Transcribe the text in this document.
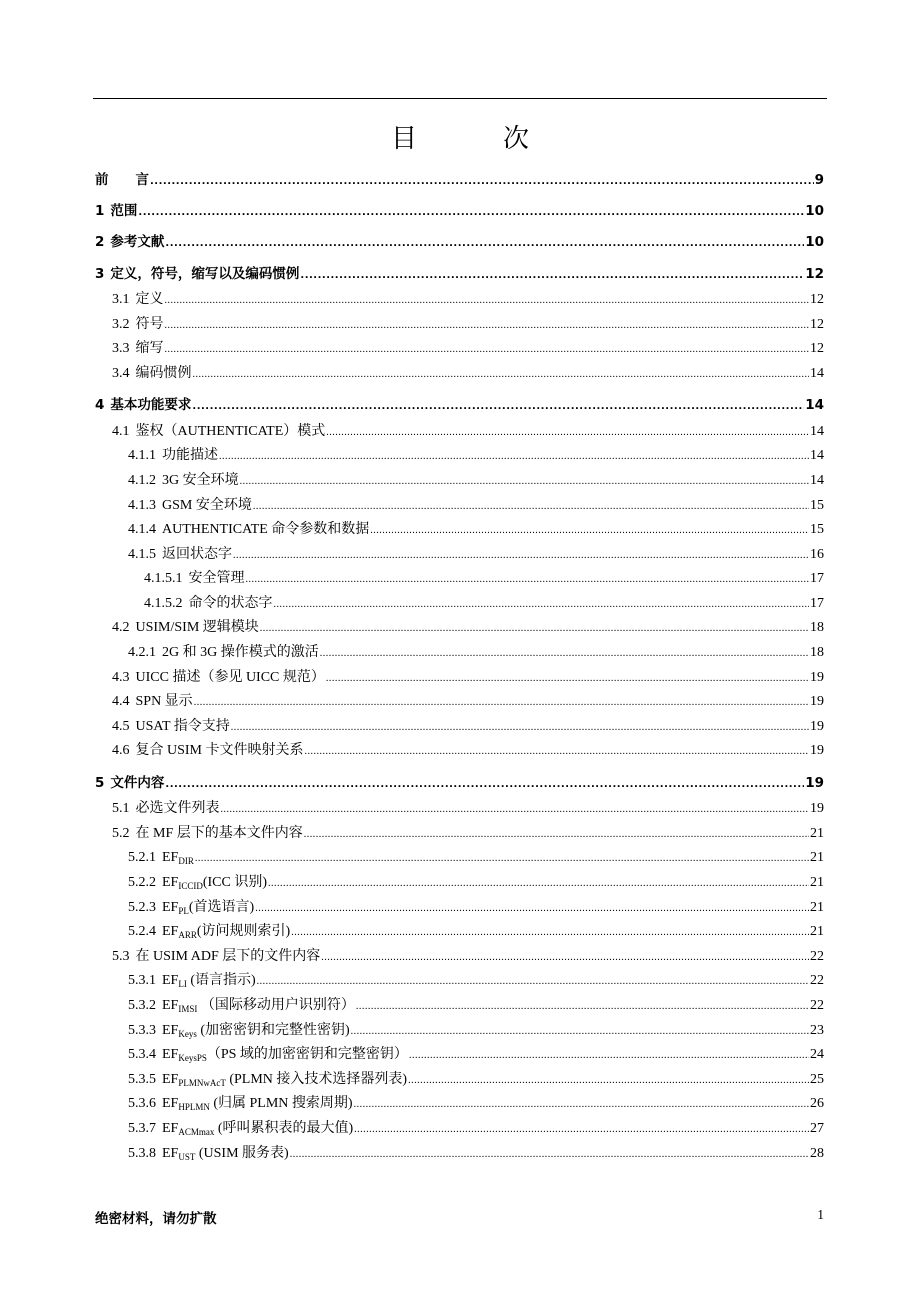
目　次
前　　言 .....	9
1 范围 .....	10
2 参考文献 .....	10
3 定义，符号，缩写以及编码惯例 .....	12
3.1 定义 .....	12
3.2 符号 .....	12
3.3 缩写 .....	12
3.4 编码惯例 .....	14
4 基本功能要求 .....	14
4.1 鉴权（AUTHENTICATE）模式 .....	14
4.1.1 功能描述 .....	14
4.1.2 3G 安全环境 .....	14
4.1.3 GSM 安全环境 .....	15
4.1.4 AUTHENTICATE 命令参数和数据 .....	15
4.1.5 返回状态字 .....	16
4.1.5.1 安全管理 .....	17
4.1.5.2 命令的状态字 .....	17
4.2 USIM/SIM 逻辑模块 .....	18
4.2.1 2G 和 3G 操作模式的激活 .....	18
4.3 UICC 描述（参见 UICC 规范） .....	19
4.4 SPN 显示 .....	19
4.5 USAT 指令支持 .....	19
4.6 复合 USIM 卡文件映射关系 .....	19
5 文件内容 .....	19
5.1 必选文件列表 .....	19
5.2 在 MF 层下的基本文件内容 .....	21
5.2.1 $EF_{DIR}$ .....	21
5.2.2 $EF_{ICCID}(ICC$ 识别) .....	21
5.2.3 $EF_{PL}$(首选语言) .....	21
5.2.4 $EF_{ARR}$(访问规则索引) .....	21
5.3 在 USIM ADF 层下的文件内容 .....	22
5.3.1 $EF_{LI}$ (语言指示) .....	22
5.3.2 $EF_{IMSI}$ （国际移动用户识别符） .....	22
5.3.3 $EF_{Keys}$ (加密密钥和完整性密钥) .....	23
5.3.4 $EF_{KeysPS}(PS$ 域的加密密钥和完整密钥） .....	24
5.3.5 $EF_{PLMNwAcT}$ (PLMN 接入技术选择器列表) .....	25
5.3.6 $EF_{HPLMN}$ (归属 PLMN 搜索周期) .....	26
5.3.7 $EF_{ACMmax}$ (呼叫累积表的最大值) .....	27
5.3.8 $EF_{UST}$ (USIM 服务表) .....	28
绝密材料，请勿扩散	1
